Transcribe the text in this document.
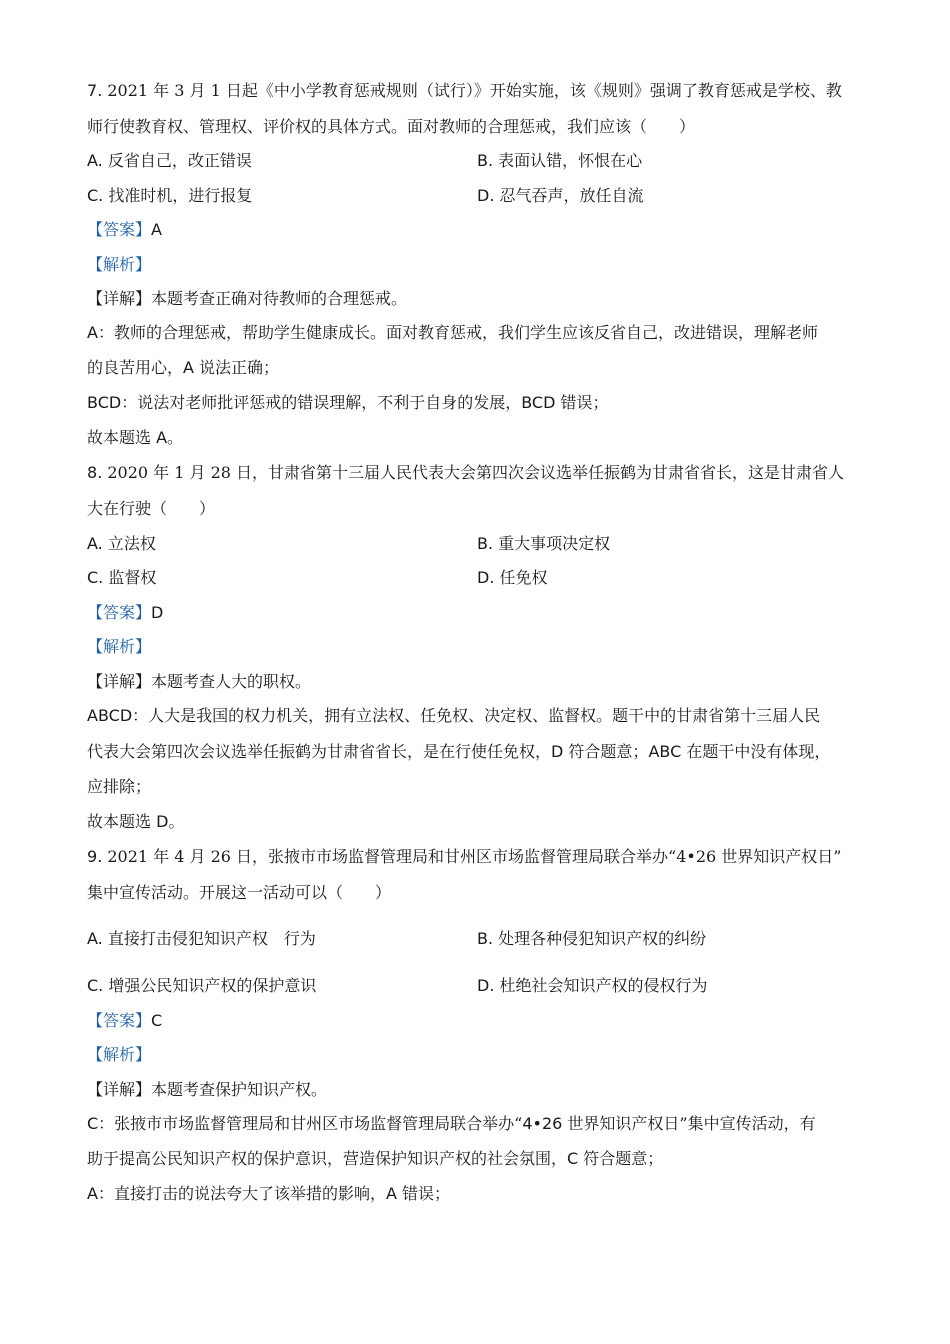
7. 2021 年 3 月 1 日起《中小学教育惩戒规则（试行）》开始实施，该《规则》强调了教育惩戒是学校、教
师行使教育权、管理权、评价权的具体方式。面对教师的合理惩戒，我们应该（　　）
A. 反省自己，改正错误	B. 表面认错，怀恨在心
C. 找准时机，进行报复	D. 忍气吞声，放任自流
【答案】A
【解析】
【详解】本题考查正确对待教师的合理惩戒。
A：教师的合理惩戒，帮助学生健康成长。面对教育惩戒，我们学生应该反省自己，改进错误，理解老师
的良苦用心，A 说法正确；
BCD：说法对老师批评惩戒的错误理解，不利于自身的发展，BCD 错误；
故本题选 A。
8. 2020 年 1 月 28 日，甘肃省第十三届人民代表大会第四次会议选举任振鹤为甘肃省省长，这是甘肃省人
大在行驶（　　）
A. 立法权	B. 重大事项决定权
C. 监督权	D. 任免权
【答案】D
【解析】
【详解】本题考查人大的职权。
ABCD：人大是我国的权力机关，拥有立法权、任免权、决定权、监督权。题干中的甘肃省第十三届人民
代表大会第四次会议选举任振鹤为甘肃省省长，是在行使任免权，D 符合题意；ABC 在题干中没有体现，
应排除；
故本题选 D。
9. 2021 年 4 月 26 日，张掖市市场监督管理局和甘州区市场监督管理局联合举办“4•26 世界知识产权日”
集中宣传活动。开展这一活动可以（　　）
A. 直接打击侵犯知识产权　行为	B. 处理各种侵犯知识产权的纠纷
C. 增强公民知识产权的保护意识	D. 杜绝社会知识产权的侵权行为
【答案】C
【解析】
【详解】本题考查保护知识产权。
C：张掖市市场监督管理局和甘州区市场监督管理局联合举办“4•26 世界知识产权日”集中宣传活动，有
助于提高公民知识产权的保护意识，营造保护知识产权的社会氛围，C 符合题意；
A：直接打击的说法夸大了该举措的影响，A 错误；
